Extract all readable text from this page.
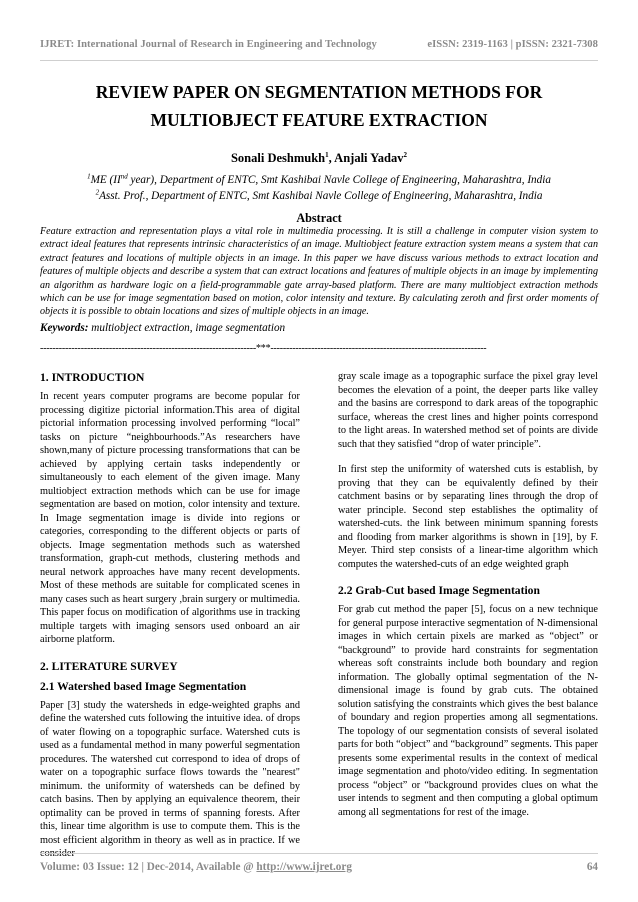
IJRET: International Journal of Research in Engineering and Technology	eISSN: 2319-1163 | pISSN: 2321-7308
REVIEW PAPER ON SEGMENTATION METHODS FOR
MULTIOBJECT FEATURE EXTRACTION
Sonali Deshmukh$^1$, Anjali Yadav$^2$
$^1$ME (IInd year), Department of ENTC, Smt Kashibai Navle College of Engineering, Maharashtra, India
$^2$Asst. Prof., Department of ENTC, Smt Kashibai Navle College of Engineering, Maharashtra, India
Abstract
Feature extraction and representation plays a vital role in multimedia processing. It is still a challenge in computer vision system to extract ideal features that represents intrinsic characteristics of an image. Multiobject feature extraction system means a system that can extract features and locations of multiple objects in an image. In this paper we have discuss various methods to extract location and features of multiple objects and describe a system that can extract locations and features of multiple objects in an image by implementing an algorithm as hardware logic on a field-programmable gate array-based platform. There are many multiobject extraction methods which can be use for image segmentation based on motion, color intensity and texture. By calculating zeroth and first order moments of objects it is possible to obtain locations and sizes of multiple objects in an image.
Keywords: multiobject extraction, image segmentation
---------------------------------------------------------------------***---------------------------------------------------------------------
1. INTRODUCTION

In recent years computer programs are become popular for processing digitize pictorial information.This area of digital pictorial information processing involved performing “local” tasks on picture “neighbourhoods.”As researchers have shown,many of picture processing transformations that can be achieved by applying certain tasks independently or simultaneously to each element of the given image. Many multiobject extraction methods which can be use for image segmentation are based on motion, color intensity and texture. In Image segmentation image is divide into regions or categories, corresponding to the different objects or parts of objects. Image segmentation methods such as watershed transformation, graph-cut methods, clustering methods and neural network approaches have many recent developments. Most of these methods are suitable for complicated scenes in many cases such as heart surgery ,brain surgery or multimedia. This paper focus on modification of algorithms use in tracking multiple targets with imaging sensors used onboard an air airborne platform.

2. LITERATURE SURVEY
2.1 Watershed based Image Segmentation

Paper [3] study the watersheds in edge-weighted graphs and define the watershed cuts following the intuitive idea. of drops of water flowing on a topographic surface. Watershed cuts is used as a fundamental method in many powerful segmentation procedures. The watershed cut correspond to idea of drops of water on a topographic surface flows towards the "nearest" minimum. the uniformity of watersheds can be defined by catch basins. Then by applying an equivalence theorem, their optimality can be proved in terms of spanning forests. After this, linear time algorithm is use to compute them. This is the most efficient algorithm in theory as well as in practice. If we consider

gray scale image as a topographic surface the pixel gray level becomes the elevation of a point, the deeper parts like valley and the basins are correspond to dark areas of the topographic surface, whereas the crest lines and higher points correspond to the light areas. In watershed method set of points are divide such that they satisfied “drop of water principle”.

In first step the uniformity of watershed cuts is establish, by proving that they can be equivalently defined by their catchment basins or by separating lines through the drop of water principle. Second step establishes the optimality of watershed-cuts. the link between minimum spanning forests and flooding from marker algorithms is shown in [19], by F. Meyer. Third step consists of a linear-time algorithm which computes the watershed-cuts of an edge weighted graph

2.2 Grab-Cut based Image Segmentation

For grab cut method the paper [5], focus on a new technique for general purpose interactive segmentation of N-dimensional images in which certain pixels are marked as “object” or “background” to provide hard constraints for segmentation whereas soft constraints include both boundary and region information. The globally optimal segmentation of the N-dimensional image is found by grab cuts. The obtained solution satisfying the constraints which gives the best balance of boundary and region properties among all segmentations. The topology of our segmentation consists of several isolated parts for both “object” and “background” segments. This paper presents some experimental results in the context of medical image segmentation and photo/video editing. In segmentation process “object” or “background provides clues on what the user intends to segment and then computing a global optimum among all segmentations for rest of the image.

Volume: 03 Issue: 12 | Dec-2014, Available @ http://www.ijret.org	64
